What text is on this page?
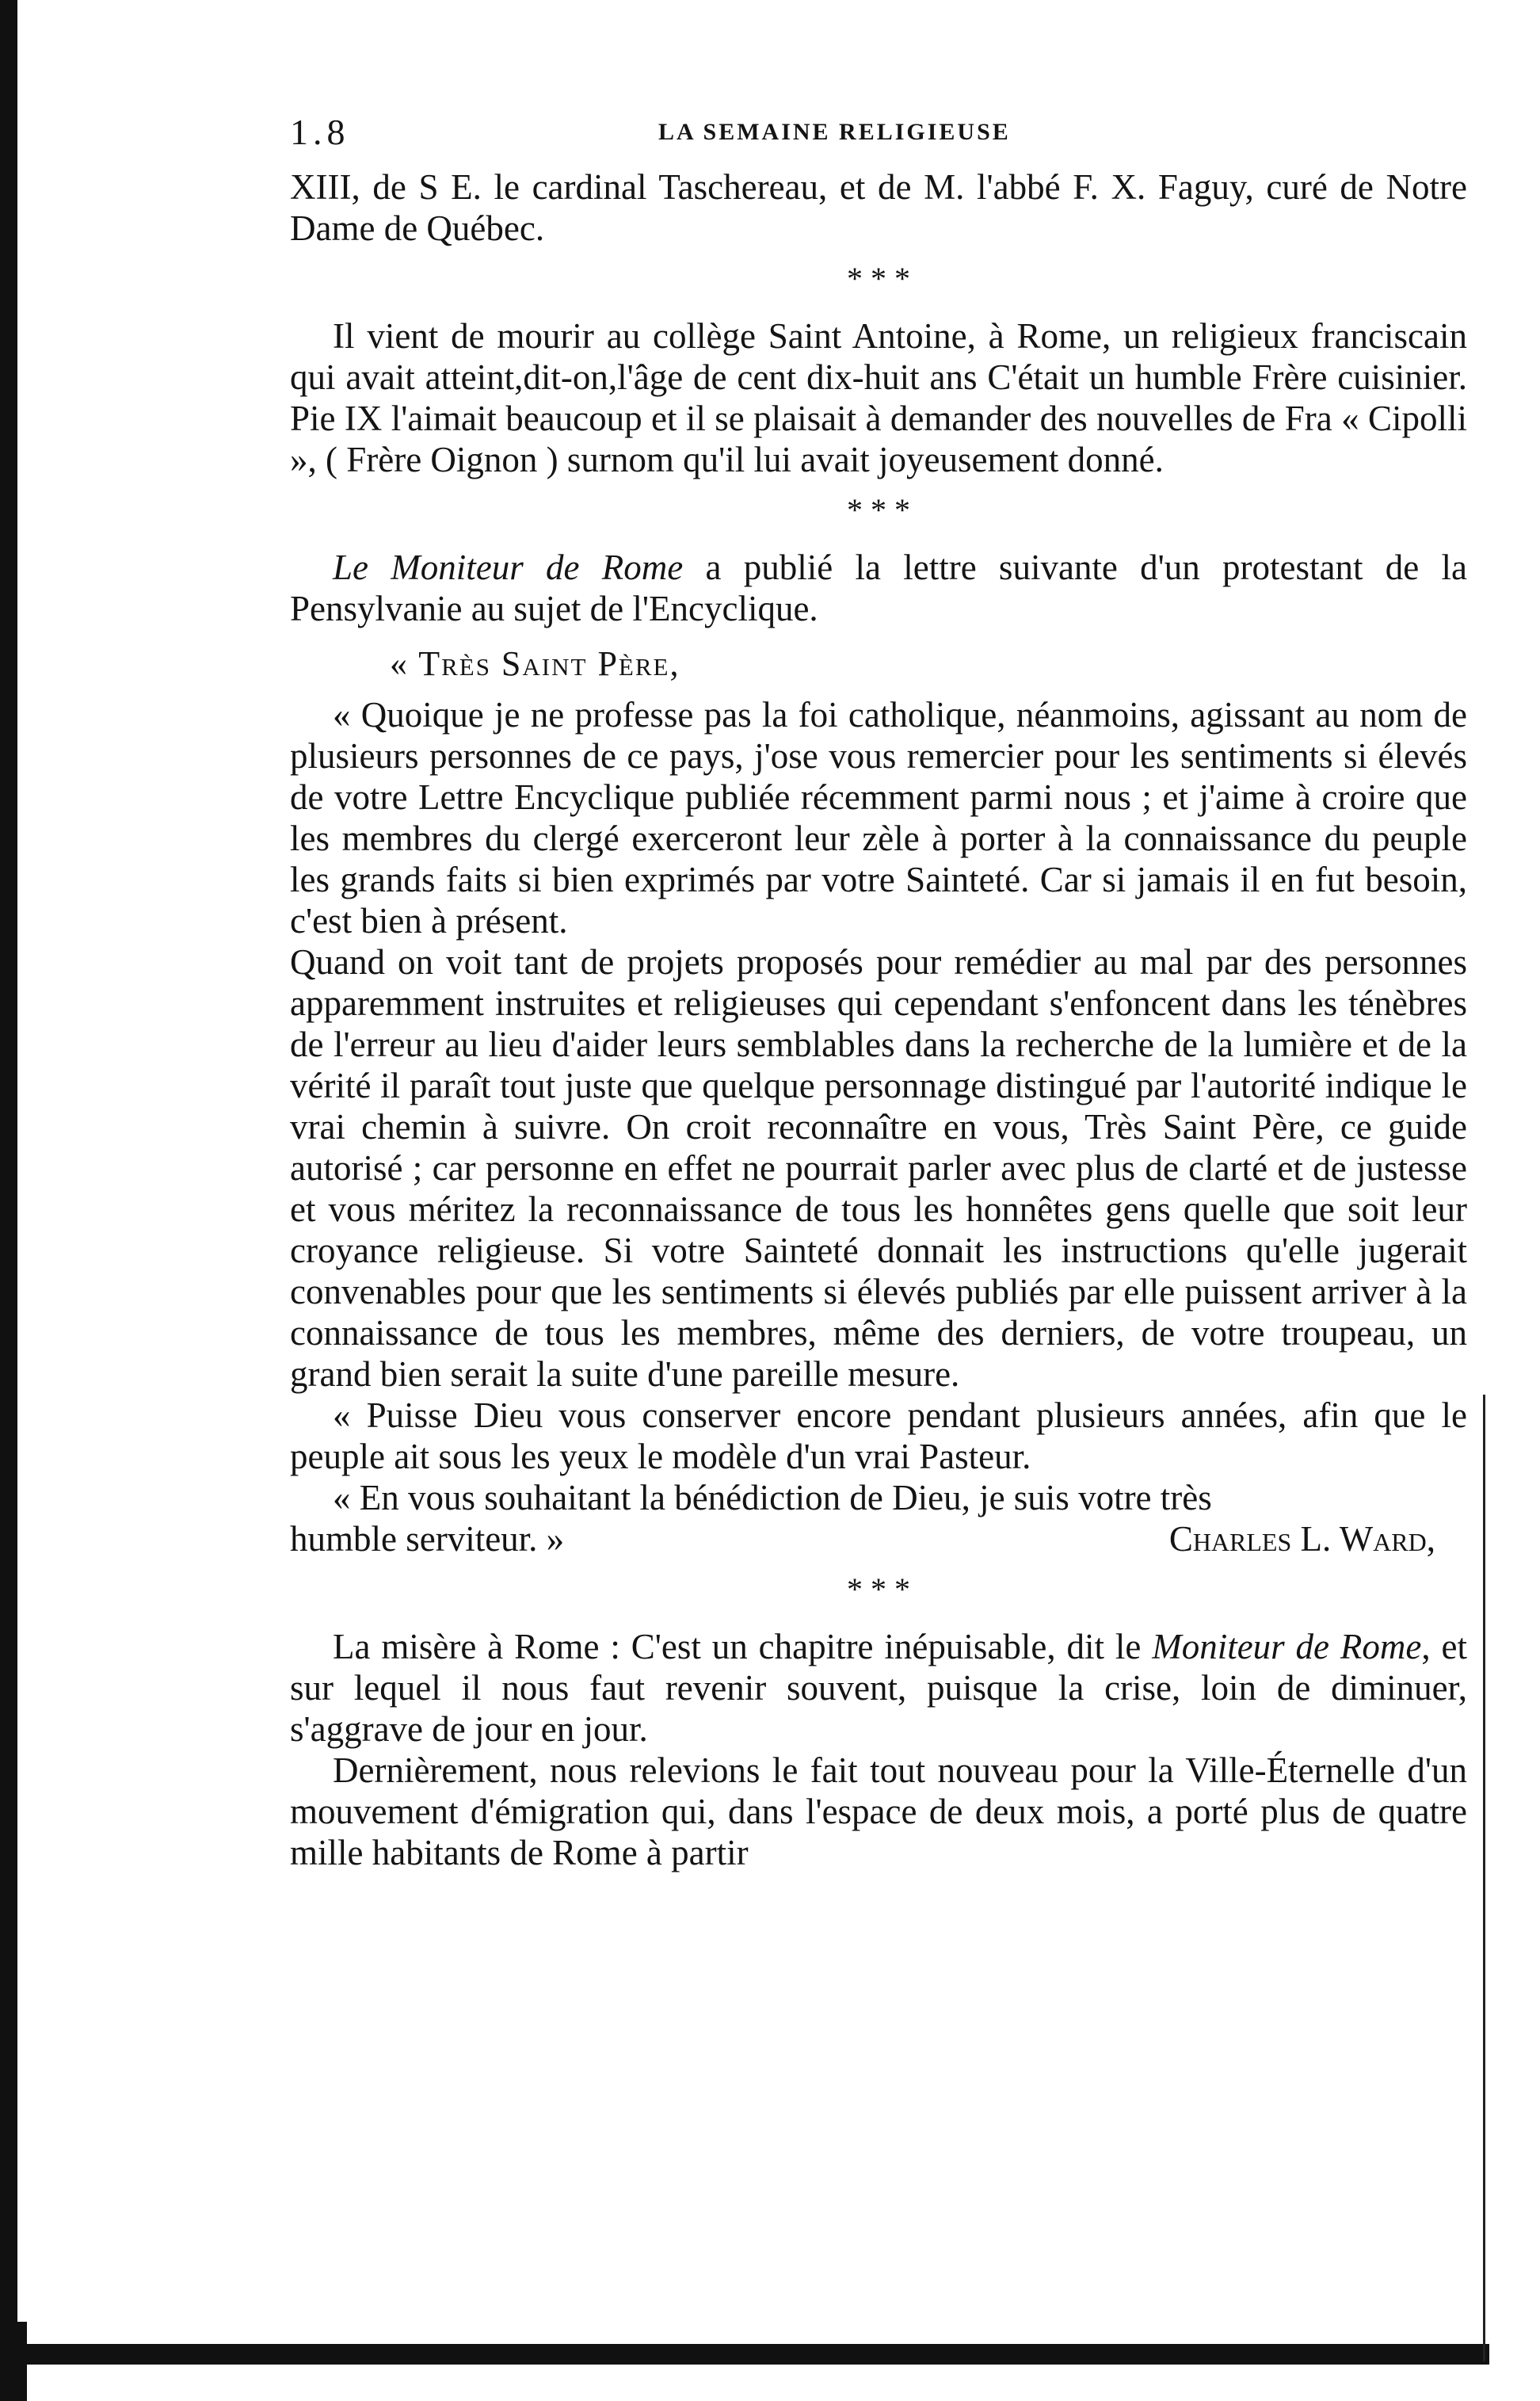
1.8	LA SEMAINE RELIGIEUSE

XIII, de S E. le cardinal Taschereau, et de M. l'abbé F. X. Faguy, curé de Notre Dame de Québec.

* * *

Il vient de mourir au collège Saint Antoine, à Rome, un religieux franciscain qui avait atteint,dit-on,l'âge de cent dix-huit ans C'était un humble Frère cuisinier. Pie IX l'aimait beaucoup et il se plaisait à demander des nouvelles de Fra « Cipolli », ( Frère Oignon ) surnom qu'il lui avait joyeusement donné.

* * *

Le Moniteur de Rome a publié la lettre suivante d'un protestant de la Pensylvanie au sujet de l'Encyclique.

« Très Saint Père,

« Quoique je ne professe pas la foi catholique, néanmoins, agissant au nom de plusieurs personnes de ce pays, j'ose vous remercier pour les sentiments si élevés de votre Lettre Encyclique publiée récemment parmi nous ; et j'aime à croire que les membres du clergé exerceront leur zèle à porter à la connaissance du peuple les grands faits si bien exprimés par votre Sainteté. Car si jamais il en fut besoin, c'est bien à présent.

Quand on voit tant de projets proposés pour remédier au mal par des personnes apparemment instruites et religieuses qui cependant s'enfoncent dans les ténèbres de l'erreur au lieu d'aider leurs semblables dans la recherche de la lumière et de la vérité il paraît tout juste que quelque personnage distingué par l'autorité indique le vrai chemin à suivre. On croit reconnaître en vous, Très Saint Père, ce guide autorisé ; car personne en effet ne pourrait parler avec plus de clarté et de justesse et vous méritez la reconnaissance de tous les honnêtes gens quelle que soit leur croyance religieuse. Si votre Sainteté donnait les instructions qu'elle jugerait convenables pour que les sentiments si élevés publiés par elle puissent arriver à la connaissance de tous les membres, même des derniers, de votre troupeau, un grand bien serait la suite d'une pareille mesure.

« Puisse Dieu vous conserver encore pendant plusieurs années, afin que le peuple ait sous les yeux le modèle d'un vrai Pasteur.

« En vous souhaitant la bénédiction de Dieu, je suis votre très

humble serviteur. »	Charles L. Ward,
* * *

La misère à Rome : C'est un chapitre inépuisable, dit le Moniteur de Rome, et sur lequel il nous faut revenir souvent, puisque la crise, loin de diminuer, s'aggrave de jour en jour.

Dernièrement, nous relevions le fait tout nouveau pour la Ville-Éternelle d'un mouvement d'émigration qui, dans l'espace de deux mois, a porté plus de quatre mille habitants de Rome à partir
